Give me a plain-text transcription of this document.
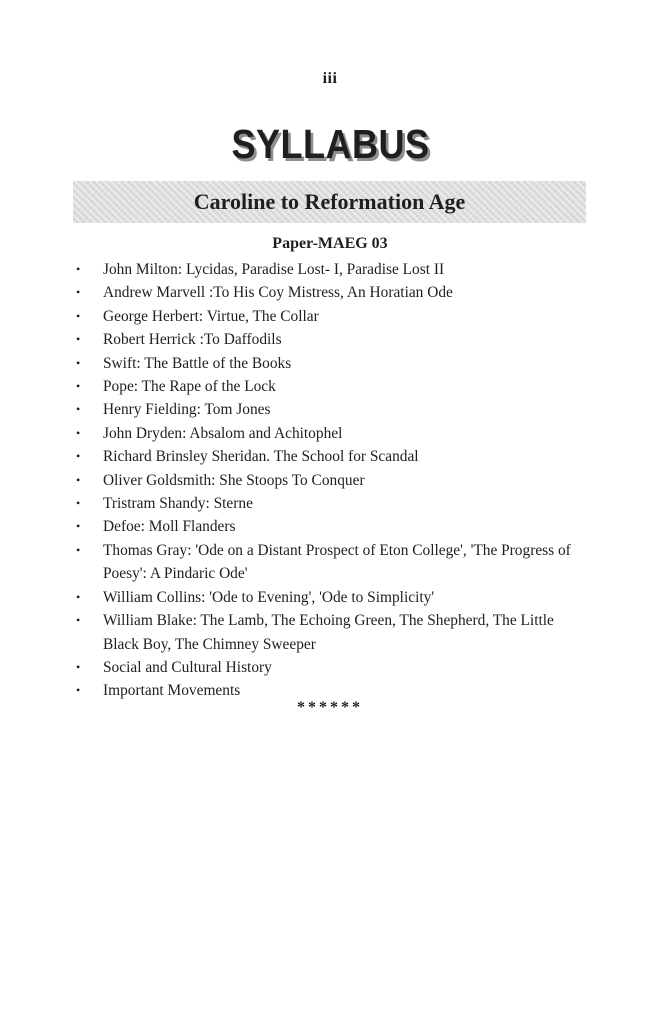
iii
SYLLABUS
Caroline to Reformation Age
Paper-MAEG 03
•	John Milton: Lycidas, Paradise Lost- I, Paradise Lost II
•	Andrew Marvell :To His Coy Mistress, An Horatian Ode
•	George Herbert: Virtue, The Collar
•	Robert Herrick :To Daffodils
•	Swift: The Battle of the Books
•	Pope: The Rape of the Lock
•	Henry Fielding: Tom Jones
•	John Dryden: Absalom and Achitophel
•	Richard Brinsley Sheridan. The School for Scandal
•	Oliver Goldsmith: She Stoops To Conquer
•	Tristram Shandy: Sterne
•	Defoe: Moll Flanders
•	Thomas Gray: 'Ode on a Distant Prospect of Eton College', 'The Progress of Poesy': A Pindaric Ode'
•	William Collins: 'Ode to Evening', 'Ode to Simplicity'
•	William Blake: The Lamb, The Echoing Green, The Shepherd, The Little Black Boy, The Chimney Sweeper
•	Social and Cultural History
•	Important Movements
******
